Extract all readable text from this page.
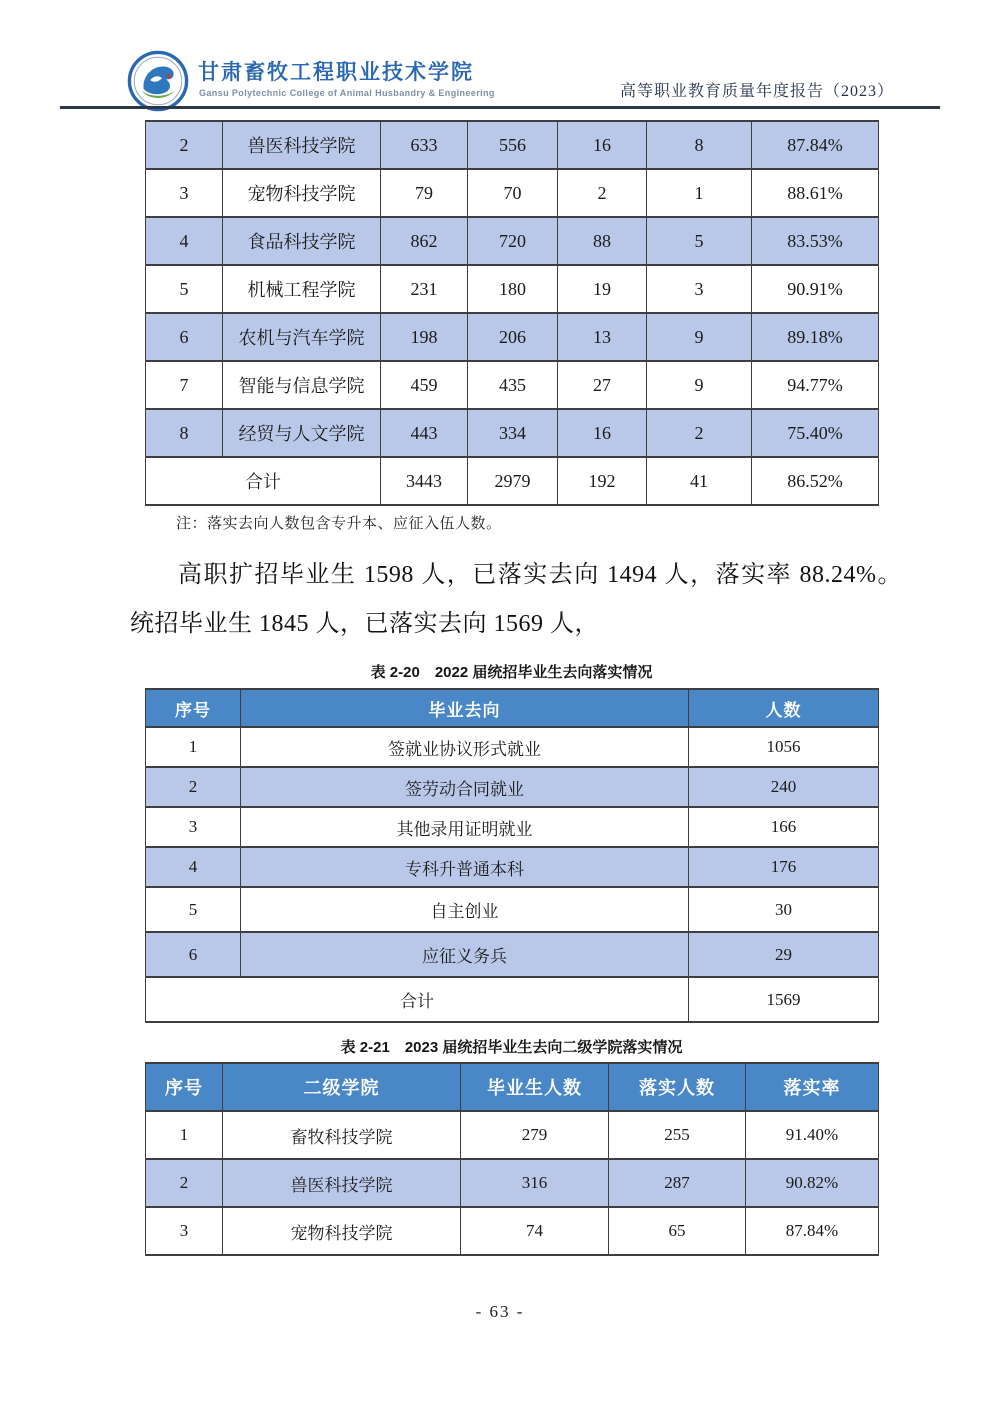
甘肃畜牧工程职业技术学院
Gansu Polytechnic College of Animal Husbandry & Engineering	高等职业教育质量年度报告（2023）
2	兽医科技学院	633	556	16	8	87.84%
3	宠物科技学院	79	70	2	1	88.61%
4	食品科技学院	862	720	88	5	83.53%
5	机械工程学院	231	180	19	3	90.91%
6	农机与汽车学院	198	206	13	9	89.18%
7	智能与信息学院	459	435	27	9	94.77%
8	经贸与人文学院	443	334	16	2	75.40%
合计		3443	2979	192	41	86.52%
注：落实去向人数包含专升本、应征入伍人数。
高职扩招毕业生 1598 人，已落实去向 1494 人，落实率 88.24%。
统招毕业生 1845 人，已落实去向 1569 人，
表 2-20　2022 届统招毕业生去向落实情况
序号	毕业去向	人数
1	签就业协议形式就业	1056
2	签劳动合同就业	240
3	其他录用证明就业	166
4	专科升普通本科	176
5	自主创业	30
6	应征义务兵	29
合计		1569
表 2-21　2023 届统招毕业生去向二级学院落实情况
序号	二级学院	毕业生人数	落实人数	落实率
1	畜牧科技学院	279	255	91.40%
2	兽医科技学院	316	287	90.82%
3	宠物科技学院	74	65	87.84%
- 63 -
